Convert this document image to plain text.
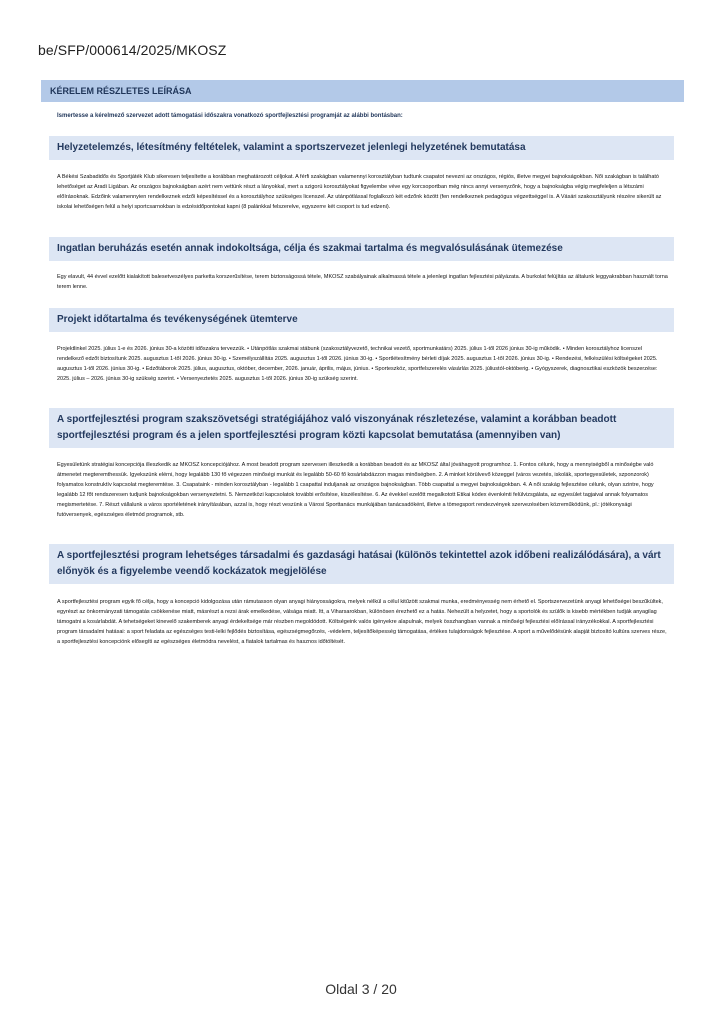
be/SFP/000614/2025/MKOSZ
KÉRELEM RÉSZLETES LEÍRÁSA
Ismertesse a kérelmező szervezet adott támogatási időszakra vonatkozó sportfejlesztési programját az alábbi bontásban:
Helyzetelemzés, létesítmény feltételek, valamint a sportszervezet jelenlegi helyzetének bemutatása
A Békési Szabadidős és Sportjáték Klub sikeresen teljesítette a korábban meghatározott céljokat. A férfi szakágban valamennyi korosztályban tudtunk csapatot nevezni az országos, régiós, illetve megyei bajnokságokban. Női szakágban is található lehetőséget az Aradi Ligában. Az országos bajnokságban azért nem vettünk részt a lányokkal, mert a szigorú korosztályokat figyelembe véve egy korcsoportban még nincs annyi versenyzőnk, hogy a bajnokságba végig megfeleljen a létszámi előírásoknak. Edzőink valamennyien rendelkeznek edzői képesítéssel és a korosztályhoz szükséges licenszel. Az utánpótlással foglalkozó két edzőnk között (fen rendelkeznek pedagógus végzettséggel is. A Vásári szakosztályunk részére sikerült az iskolai lehetőségen felül a helyi sportcsarnokban is edzésidőpontokat kapni (8 palánkkal felszerelve, egyszerre két csoport is tud edzeni).
Ingatlan beruházás esetén annak indokoltsága, célja és szakmai tartalma és megvalósulásának ütemezése
Egy elavult, 44 évvel ezelőtt kialakított balesetveszélyes parketta korszerűsítése, terem biztonságossá tétele, MKOSZ szabályainak alkalmassá tétele a jelenlegi ingatlan fejlesztési pályázata. A burkolat felújítás az általunk leggyakrabban használt torna terem lenne.
Projekt időtartalma és tevékenységének ütemterve
Projektlinkel 2025. július 1-e és 2026. június 30-a közötti időszakra tervezzük. • Utánpótlás szakmai stábunk (szakosztályvezető, technikai vezető, sportmunkatárs) 2025. július 1-től 2026 június 30-ig működik. • Minden korosztályhoz licenszel rendelkező edzőt biztosítunk 2025. augusztus 1-től 2026. június 30-ig. • Személyszállítás 2025. augusztus 1-től 2026. június 30-ig. • Sportlétesítmény bérleti díjak 2025. augusztus 1-től 2026. június 30-ig. • Rendezési, felkészülési költségeket 2025. augusztus 1-től 2026. június 30-ig. • Edzőtáborok 2025. július, augusztus, október, december, 2026. január, április, május, június. • Sporteszköz, sportfelszerelés vásárlás 2025. júliustól-októberig. • Gyógyszerek, diagnosztikai eszközök beszerzése: 2025. július – 2026. június 30-ig szükség szerint. • Versenyeztetés 2025. augusztus 1-től 2026. június 30-ig szükség szerint.
A sportfejlesztési program szakszövetségi stratégiájához való viszonyának részletezése, valamint a korábban beadott sportfejlesztési program és a jelen sportfejlesztési program közti kapcsolat bemutatása (amennyiben van)
Egyesületünk stratégiai koncepciója illeszkedik az MKOSZ koncepciójához. A most beadott program szervesen illeszkedik a korábban beadott és az MKOSZ által jóváhagyott programhoz. 1. Fontos célunk, hogy a mennyiségből a minőségbe való átmenetet megteremthessük. Igyekszünk elérni, hogy legalább 130 fő végezzen minőségi munkát és legalább 50-60 fő kosárlabdázzon magas minőségben. 2. A minket körülvevő közeggel (város vezetés, iskolák, sportegyesületek, szponzorok) folyamatos konstruktív kapcsolat megteremtése. 3. Csapataink - minden korosztályban - legalább 1 csapattal induljanak az országos bajnokságban. Több csapattal a megyei bajnokságokban. 4. A női szakág fejlesztése célunk, olyan szintre, hogy legalább 12 főt rendszeresen tudjunk bajnokságokban versenyeztetni. 5. Nemzetközi kapcsolatok további erősítése, kiszélesítése. 6. Az évekkel ezelőtt megalkotott Etikai kódex évenkénti felülvizsgálata, az egyesület tagjaival annak folyamatos megismertetése. 7. Részt vállalunk a város sportéletének irányításában, azzal is, hogy részt veszünk a Városi Sporttanács munkájában tanácsadóként, illetve a tömegsport rendezvények szervezésében közreműködünk, pl.: jótékonysági futóversenyek, egészséges életmód programok, stb.
A sportfejlesztési program lehetséges társadalmi és gazdasági hatásai (különös tekintettel azok időbeni realizálódására), a várt előnyök és a figyelembe veendő kockázatok megjelölése
A sportfejlesztési program egyik fő célja, hogy a koncepció kidolgozása után rámutasson olyan anyagi hiányosságokra, melyek nélkül a célul kitűzött szakmai munka, eredményesség nem érhető el. Sportszervezetünk anyagi lehetőségei beszűkültek, egyrészt az önkormányzati támogatás csökkenése miatt, másrészt a rezsi árak emelkedése, válsága miatt. Itt, a Viharsarokban, különösen érezhető ez a hatás. Nehezült a helyzetet, hogy a sportolók és szülők is kisebb mértékben tudják anyagilag támogatni a kosárlabdát. A tehetségeket kinevelő szakemberek anyagi érdekeltsége már részben megoldódott. Költségeink valós igényekre alapulnak, melyek összhangban vannak a minőségi fejlesztési előírással irányzékokkal. A sportfejlesztési program társadalmi hatásai: a sport feladata az egészséges testi-lelki fejlődés biztosítása, egészségmegőrzés, -védelem, teljesítőképesség támogatása, értékes tulajdonságok fejlesztése. A sport a művelődésünk alapját biztosító kultúra szerves része, a sportfejlesztési koncepciónk elősegíti az egészséges életmódra nevelést, a fiatalok tartalmas és hasznos időtöltését.
Oldal 3 / 20
